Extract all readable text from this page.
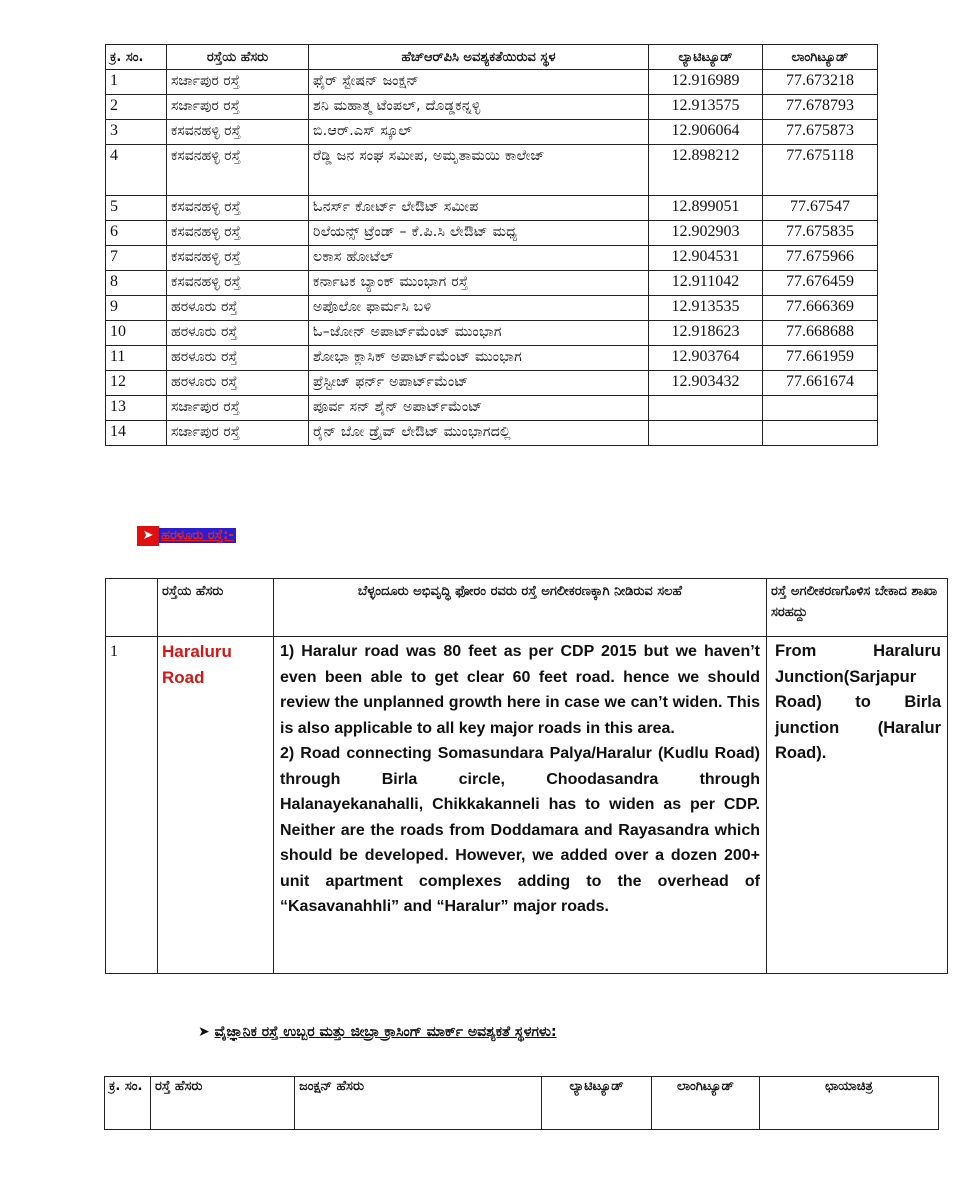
ಕ್ರ. ಸಂ.	ರಸ್ತೆಯ ಹೆಸರು	ಹೆಚ್‌ಆರ್‌ಪಿಸಿ ಅವಶ್ಯಕತೆಯಿರುವ ಸ್ಥಳ	ಲ್ಯಾಟಿಟ್ಯೂಡ್	ಲಾಂಗಿಟ್ಯೂಡ್
1	ಸರ್ಜಾಪುರ ರಸ್ತೆ	ಫೈರ್ ಸ್ಟೇಷನ್ ಜಂಕ್ಷನ್	12.916989	77.673218
2	ಸರ್ಜಾಪುರ ರಸ್ತೆ	ಶನಿ ಮಹಾತ್ಮ ಟೆಂಪಲ್, ದೊಡ್ಡಕನ್ನಳ್ಳಿ	12.913575	77.678793
3	ಕಸವನಹಳ್ಳಿ ರಸ್ತೆ	ಬಿ.ಆರ್.ಎಸ್ ಸ್ಕೂಲ್	12.906064	77.675873
4	ಕಸವನಹಳ್ಳಿ ರಸ್ತೆ	ರೆಡ್ಡಿ ಜನ ಸಂಘ ಸಮೀಪ, ಅಮೃತಾಮಯಿ ಕಾಲೇಜ್	12.898212	77.675118
5	ಕಸವನಹಳ್ಳಿ ರಸ್ತೆ	ಓನರ್ಸ್ ಕೋರ್ಟ್ ಲೇಔಟ್ ಸಮೀಪ	12.899051	77.67547
6	ಕಸವನಹಳ್ಳಿ ರಸ್ತೆ	ರಿಲೆಯನ್ಸ್ ಟ್ರೆಂಡ್ – ಕೆ.ಪಿ.ಸಿ ಲೇಔಟ್ ಮಧ್ಯ	12.902903	77.675835
7	ಕಸವನಹಳ್ಳಿ ರಸ್ತೆ	ಲಕಾಸ ಹೋಟೆಲ್	12.904531	77.675966
8	ಕಸವನಹಳ್ಳಿ ರಸ್ತೆ	ಕರ್ನಾಟಕ ಬ್ಯಾಂಕ್ ಮುಂಭಾಗ ರಸ್ತೆ	12.911042	77.676459
9	ಹರಳೂರು ರಸ್ತೆ	ಅಪೊಲೋ ಫಾರ್ಮಸಿ ಬಳಿ	12.913535	77.666369
10	ಹರಳೂರು ರಸ್ತೆ	ಓ–ಜೋನ್ ಅಪಾರ್ಟ್‌ಮೆಂಟ್ ಮುಂಭಾಗ	12.918623	77.668688
11	ಹರಳೂರು ರಸ್ತೆ	ಶೋಭಾ ಕ್ಲಾಸಿಕ್ ಅಪಾರ್ಟ್‌ಮೆಂಟ್ ಮುಂಭಾಗ	12.903764	77.661959
12	ಹರಳೂರು ರಸ್ತೆ	ಪ್ರೆಸ್ಟೀಜ್ ಫರ್ನ್ ಅಪಾರ್ಟ್‌ಮೆಂಟ್	12.903432	77.661674
13	ಸರ್ಜಾಪುರ ರಸ್ತೆ	ಪೂರ್ವ ಸನ್ ಶೈನ್ ಅಪಾರ್ಟ್‌ಮೆಂಟ್		
14	ಸರ್ಜಾಪುರ ರಸ್ತೆ	ರೈನ್ ಬೋ ಡ್ರೈವ್ ಲೇಔಟ್ ಮುಂಭಾಗದಲ್ಲಿ		
➤ ಹರಳೂರು ರಸ್ತೆ:-
	ರಸ್ತೆಯ ಹೆಸರು	ಬೆಳ್ಳಂದೂರು ಅಭಿವೃದ್ಧಿ ಫೋರಂ ರವರು ರಸ್ತೆ ಅಗಲೀಕರಣಕ್ಕಾಗಿ ನೀಡಿರುವ ಸಲಹೆ	ರಸ್ತೆ ಅಗಲೀಕರಣಗೊಳಿಸ ಬೇಕಾದ ಶಾಖಾ ಸರಹದ್ದು
1	Haraluru Road	1) Haralur road was 80 feet as per CDP 2015 but we haven’t even been able to get clear 60 feet road. hence we should review the unplanned growth here in case we can’t widen. This is also applicable to all key major roads in this area.

2) Road connecting Somasundara Palya/Haralur (Kudlu Road) through Birla circle, Choodasandra through Halanayekanahalli, Chikkakanneli has to widen as per CDP. Neither are the roads from Doddamara and Rayasandra which should be developed. However, we added over a dozen 200+ unit apartment complexes adding to the overhead of “Kasavanahhli” and “Haralur” major roads.	From Haraluru Junction(Sarjapur Road) to Birla junction (Haralur Road).
➤ ವೈಜ್ಞಾನಿಕ ರಸ್ತೆ ಉಬ್ಬರ ಮತ್ತು ಜೀಬ್ರಾ ಕ್ರಾಸಿಂಗ್ ಮಾರ್ಕ್ ಅವಶ್ಯಕತೆ ಸ್ಥಳಗಳು:
ಕ್ರ. ಸಂ.	ರಸ್ತೆ ಹೆಸರು	ಜಂಕ್ಷನ್ ಹೆಸರು	ಲ್ಯಾಟಿಟ್ಯೂಡ್	ಲಾಂಗಿಟ್ಯೂಡ್	ಛಾಯಾಚಿತ್ರ
